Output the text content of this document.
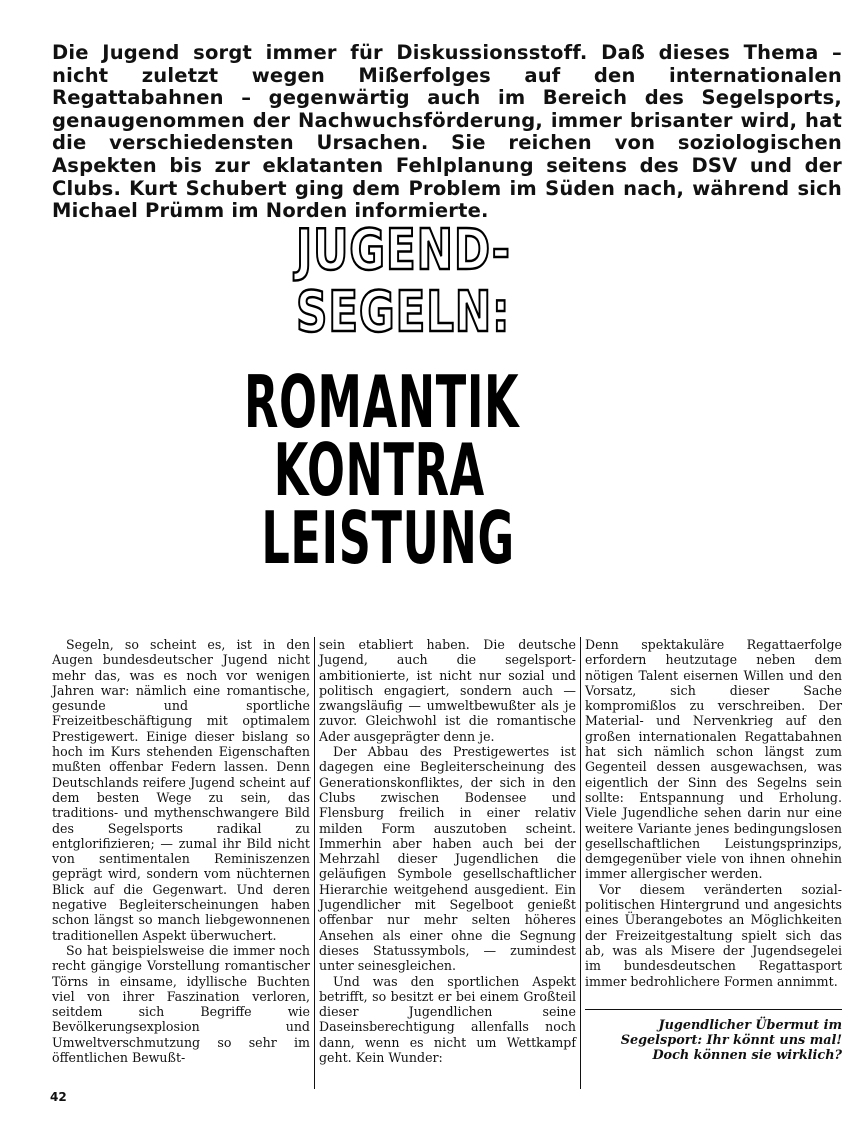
Die Jugend sorgt immer für Diskussionsstoff. Daß dieses Thema – nicht zuletzt wegen Mißerfolges auf den internationalen Regattabahnen – gegenwärtig auch im Bereich des Segelsports, genaugenommen der Nachwuchsförderung, immer brisanter wird, hat die verschiedensten Ursachen. Sie reichen von soziologischen Aspekten bis zur eklatanten Fehlplanung seitens des DSV und der Clubs. Kurt Schubert ging dem Problem im Süden nach, während sich Michael Prümm im Norden informierte.

JUGEND-
SEGELN:
ROMANTIK
KONTRA
LEISTUNG

Segeln, so scheint es, ist in den Augen bundesdeutscher Jugend nicht mehr das, was es noch vor wenigen Jahren war: nämlich eine romantische, gesunde und sportliche Freizeitbeschäftigung mit optimalem Prestigewert. Einige dieser bislang so hoch im Kurs stehenden Eigenschaften mußten offenbar Federn lassen. Denn Deutschlands reifere Jugend scheint auf dem besten Wege zu sein, das traditions- und mythenschwangere Bild des Segelsports radikal zu entglorifizieren; — zumal ihr Bild nicht von sentimentalen Reminiszenzen geprägt wird, sondern vom nüchternen Blick auf die Gegenwart. Und deren negative Begleiterscheinungen haben schon längst so manch liebgewonnenen traditionellen Aspekt überwuchert.

So hat beispielsweise die immer noch recht gängige Vorstellung romantischer Törns in einsame, idyllische Buchten viel von ihrer Faszination verloren, seitdem sich Begriffe wie Bevölkerungsexplosion und Umweltverschmutzung so sehr im öffentlichen Bewußt-

sein etabliert haben. Die deutsche Jugend, auch die segelsport-ambitionierte, ist nicht nur sozial und politisch engagiert, sondern auch — zwangsläufig — umweltbewußter als je zuvor. Gleichwohl ist die romantische Ader ausgeprägter denn je.

Der Abbau des Prestigewertes ist dagegen eine Begleiterscheinung des Generationskonfliktes, der sich in den Clubs zwischen Bodensee und Flensburg freilich in einer relativ milden Form auszutoben scheint. Immerhin aber haben auch bei der Mehrzahl dieser Jugendlichen die geläufigen Symbole gesellschaftlicher Hierarchie weitgehend ausgedient. Ein Jugendlicher mit Segelboot genießt offenbar nur mehr selten höheres Ansehen als einer ohne die Segnung dieses Statussymbols, — zumindest unter seinesgleichen.

Und was den sportlichen Aspekt betrifft, so besitzt er bei einem Großteil dieser Jugendlichen seine Daseinsberechtigung allenfalls noch dann, wenn es nicht um Wettkampf geht. Kein Wunder:

Denn spektakuläre Regattaerfolge erfordern heutzutage neben dem nötigen Talent eisernen Willen und den Vorsatz, sich dieser Sache kompromißlos zu verschreiben. Der Material- und Nervenkrieg auf den großen internationalen Regattabahnen hat sich nämlich schon längst zum Gegenteil dessen ausgewachsen, was eigentlich der Sinn des Segelns sein sollte: Entspannung und Erholung. Viele Jugendliche sehen darin nur eine weitere Variante jenes bedingungslosen gesellschaftlichen Leistungsprinzips, demgegenüber viele von ihnen ohnehin immer allergischer werden.

Vor diesem veränderten sozial-politischen Hintergrund und angesichts eines Überangebotes an Möglichkeiten der Freizeitgestaltung spielt sich das ab, was als Misere der Jugendsegelei im bundesdeutschen Regattasport immer bedrohlichere Formen annimmt.

Jugendlicher Übermut im Segelsport: Ihr könnt uns mal! Doch können sie wirklich?
42
